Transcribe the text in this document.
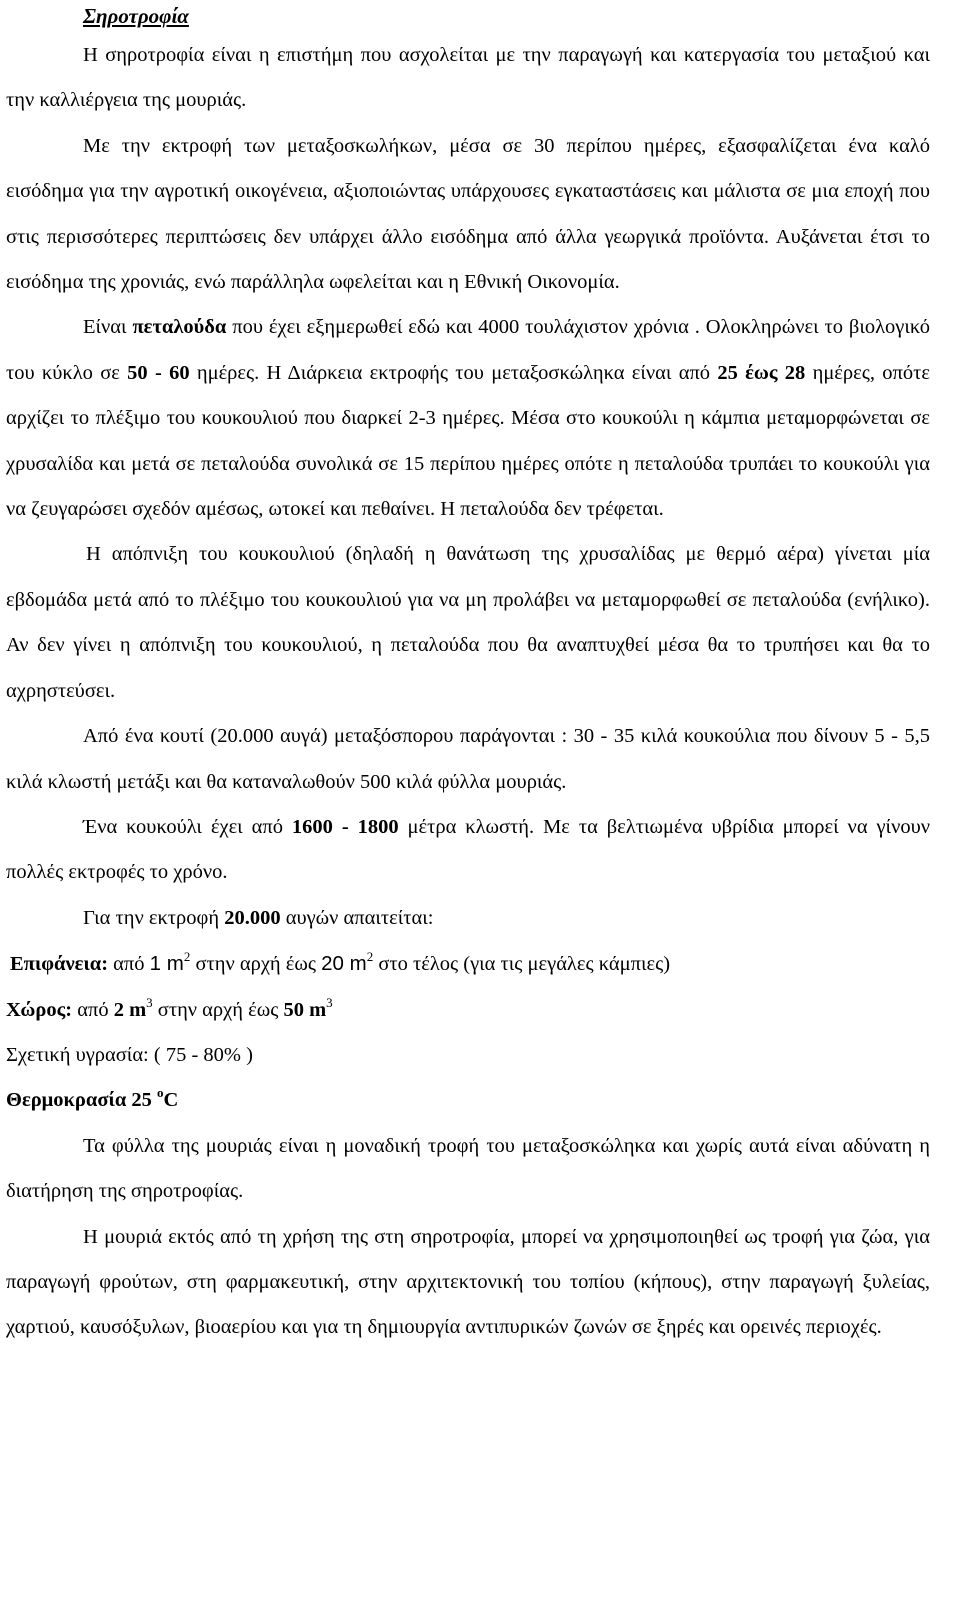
Σηροτροφία

Η σηροτροφία είναι η επιστήμη που ασχολείται με την παραγωγή και κατεργασία του μεταξιού και την καλλιέργεια της μουριάς.

Με την εκτροφή των μεταξοσκωλήκων, μέσα σε 30 περίπου ημέρες, εξασφαλίζεται ένα καλό εισόδημα για την αγροτική οικογένεια, αξιοποιώντας υπάρχουσες εγκαταστάσεις και μάλιστα σε μια εποχή που στις περισσότερες περιπτώσεις δεν υπάρχει άλλο εισόδημα από άλλα γεωργικά προϊόντα. Αυξάνεται έτσι το εισόδημα της χρονιάς, ενώ παράλληλα ωφελείται και η Εθνική Οικονομία.

Είναι πεταλούδα που έχει εξημερωθεί εδώ και 4000 τουλάχιστον χρόνια . Ολοκληρώνει το βιολογικό του κύκλο σε 50 - 60 ημέρες. Η Διάρκεια εκτροφής του μεταξοσκώληκα είναι από 25 έως 28 ημέρες, οπότε αρχίζει το πλέξιμο του κουκουλιού που διαρκεί 2-3 ημέρες. Μέσα στο κουκούλι η κάμπια μεταμορφώνεται σε χρυσαλίδα και μετά σε πεταλούδα συνολικά σε 15 περίπου ημέρες οπότε η πεταλούδα τρυπάει το κουκούλι για να ζευγαρώσει σχεδόν αμέσως, ωτοκεί και πεθαίνει. Η πεταλούδα δεν τρέφεται.

Η απόπνιξη του κουκουλιού (δηλαδή η θανάτωση της χρυσαλίδας με θερμό αέρα) γίνεται μία εβδομάδα μετά από το πλέξιμο του κουκουλιού για να μη προλάβει να μεταμορφωθεί σε πεταλούδα (ενήλικο). Αν δεν γίνει η απόπνιξη του κουκουλιού, η πεταλούδα που θα αναπτυχθεί μέσα θα το τρυπήσει και θα το αχρηστεύσει.

Από ένα κουτί (20.000 αυγά) μεταξόσπορου παράγονται : 30 - 35 κιλά κουκούλια που δίνουν 5 - 5,5 κιλά κλωστή μετάξι και θα καταναλωθούν 500 κιλά φύλλα μουριάς.

Ένα κουκούλι έχει από 1600 - 1800 μέτρα κλωστή. Με τα βελτιωμένα υβρίδια μπορεί να γίνουν πολλές εκτροφές το χρόνο.

Για την εκτροφή 20.000 αυγών απαιτείται:

Επιφάνεια: από 1 $m^2$ στην αρχή έως 20 $m^2$ στο τέλος (για τις μεγάλες κάμπιες)

Χώρος: από 2 $m^3$ στην αρχή έως 50 $m^3$

Σχετική υγρασία: ( 75 - 80% )

Θερμοκρασία 25 $^o$C

Τα φύλλα της μουριάς είναι η μοναδική τροφή του μεταξοσκώληκα και χωρίς αυτά είναι αδύνατη η διατήρηση της σηροτροφίας.

Η μουριά εκτός από τη χρήση της στη σηροτροφία, μπορεί να χρησιμοποιηθεί ως τροφή για ζώα, για παραγωγή φρούτων, στη φαρμακευτική, στην αρχιτεκτονική του τοπίου (κήπους), στην παραγωγή ξυλείας, χαρτιού, καυσόξυλων, βιοαερίου και για τη δημιουργία αντιπυρικών ζωνών σε ξηρές και ορεινές περιοχές.
